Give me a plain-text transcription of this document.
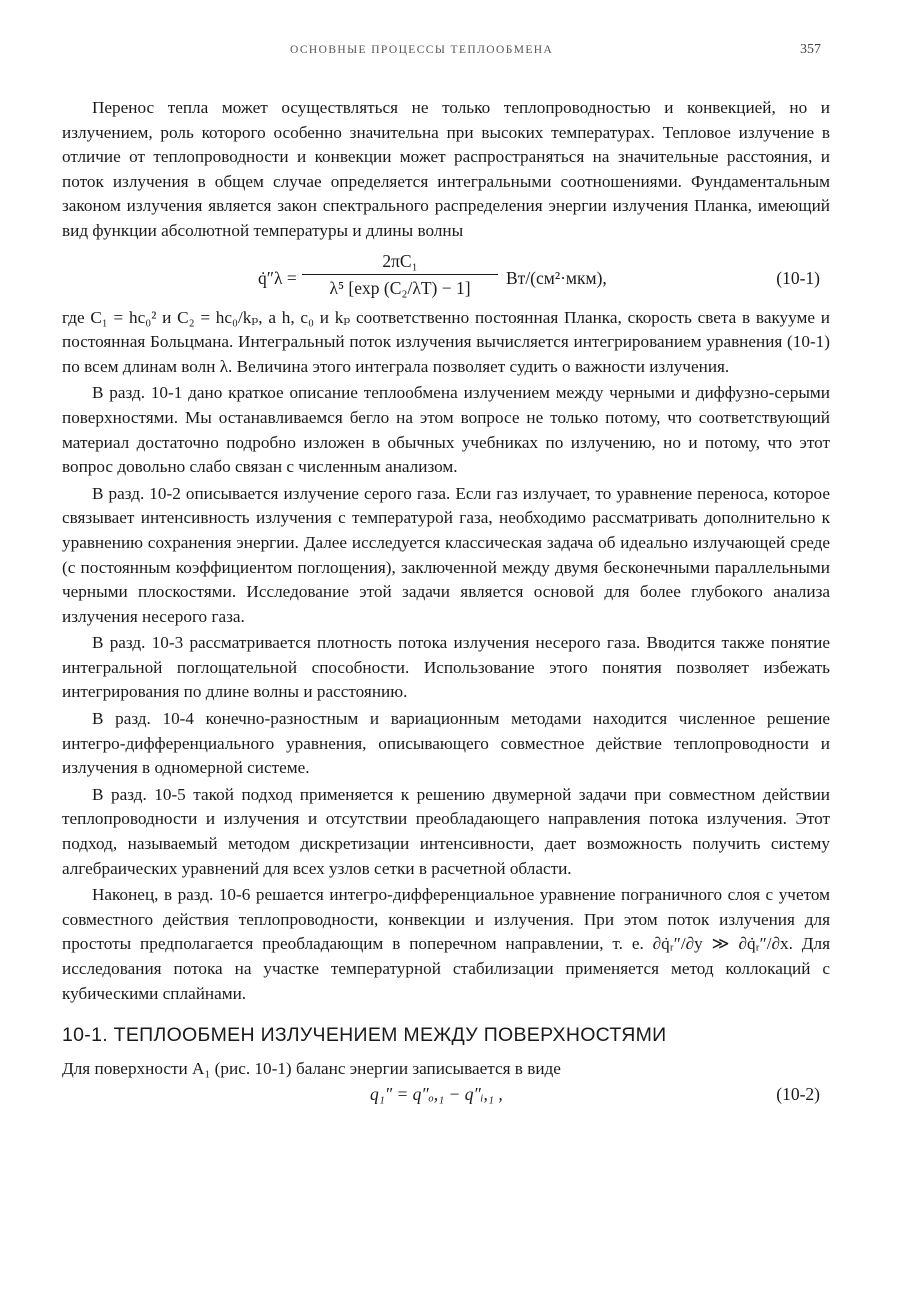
ОСНОВНЫЕ ПРОЦЕССЫ ТЕПЛООБМЕНА	357

Перенос тепла может осуществляться не только теплопроводностью и конвекцией, но и излучением, роль которого особенно значительна при высоких температурах. Тепловое излучение в отличие от теплопроводности и конвекции может распространяться на значительные расстояния, и поток излучения в общем случае определяется интегральными соотношениями. Фундаментальным законом излучения является закон спектрального распределения энергии излучения Планка, имеющий вид функции абсолютной температуры и длины волны

q̇″λ =
2πC₁
λ⁵ [exp (C₂/λT) − 1]	Вт/(см²·мкм),	(10-1)

где C₁ = hc₀² и C₂ = hc₀/kₚ, а h, c₀ и kₚ соответственно постоянная Планка, скорость света в вакууме и постоянная Больцмана. Интегральный поток излучения вычисляется интегрированием уравнения (10-1) по всем длинам волн λ. Величина этого интеграла позволяет судить о важности излучения.

В разд. 10-1 дано краткое описание теплообмена излучением между черными и диффузно-серыми поверхностями. Мы останавливаемся бегло на этом вопросе не только потому, что соответствующий материал достаточно подробно изложен в обычных учебниках по излучению, но и потому, что этот вопрос довольно слабо связан с численным анализом.

В разд. 10-2 описывается излучение серого газа. Если газ излучает, то уравнение переноса, которое связывает интенсивность излучения с температурой газа, необходимо рассматривать дополнительно к уравнению сохранения энергии. Далее исследуется классическая задача об идеально излучающей среде (с постоянным коэффициентом поглощения), заключенной между двумя бесконечными параллельными черными плоскостями. Исследование этой задачи является основой для более глубокого анализа излучения несерого газа.

В разд. 10-3 рассматривается плотность потока излучения несерого газа. Вводится также понятие интегральной поглощательной способности. Использование этого понятия позволяет избежать интегрирования по длине волны и расстоянию.

В разд. 10-4 конечно-разностным и вариационным методами находится численное решение интегро-дифференциального уравнения, описывающего совместное действие теплопроводности и излучения в одномерной системе.

В разд. 10-5 такой подход применяется к решению двумерной задачи при совместном действии теплопроводности и излучения и отсутствии преобладающего направления потока излучения. Этот подход, называемый методом дискретизации интенсивности, дает возможность получить систему алгебраических уравнений для всех узлов сетки в расчетной области.

Наконец, в разд. 10-6 решается интегро-дифференциальное уравнение пограничного слоя с учетом совместного действия теплопроводности, конвекции и излучения. При этом поток излучения для простоты предполагается преобладающим в поперечном направлении, т. е. ∂q̇ᵣ″/∂y ≫ ∂q̇ᵣ″/∂x. Для исследования потока на участке температурной стабилизации применяется метод коллокаций с кубическими сплайнами.

10-1. ТЕПЛООБМЕН ИЗЛУЧЕНИЕМ МЕЖДУ ПОВЕРХНОСТЯМИ

Для поверхности A₁ (рис. 10-1) баланс энергии записывается в виде

q₁″ = q″ₒ,₁ − q″ᵢ,₁ ,	(10-2)
